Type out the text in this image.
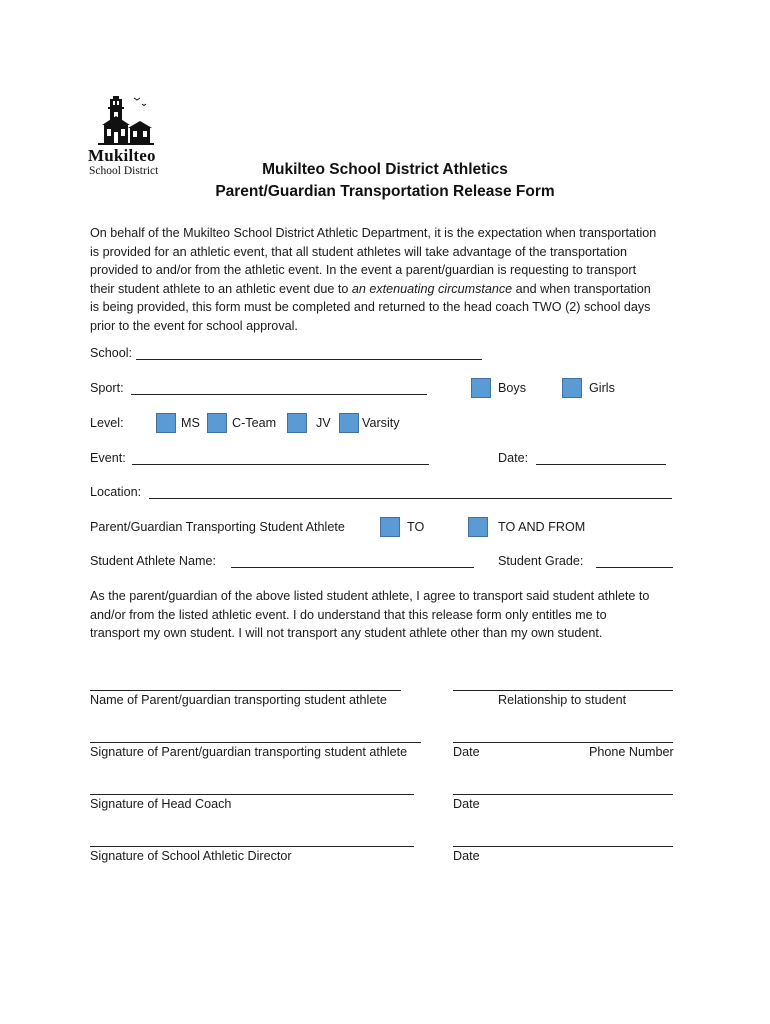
Mukilteo
School District	Mukilteo School District Athletics
Parent/Guardian Transportation Release Form
On behalf of the Mukilteo School District Athletic Department, it is the expectation when transportation
is provided for an athletic event, that all student athletes will take advantage of the transportation
provided to and/or from the athletic event. In the event a parent/guardian is requesting to transport
their student athlete to an athletic event due to an extenuating circumstance and when transportation
is being provided, this form must be completed and returned to the head coach TWO (2) school days
prior to the event for school approval.
School:
Sport:	Boys	Girls
Level:	MS	C-Team	JV Varsity
Event:	Date:
Location:
Parent/Guardian Transporting Student Athlete	TO	TO AND FROM
Student Athlete Name:	Student Grade:
As the parent/guardian of the above listed student athlete, I agree to transport said student athlete to
and/or from the listed athletic event. I do understand that this release form only entitles me to
transport my own student. I will not transport any student athlete other than my own student.
Name of Parent/guardian transporting student athlete	Relationship to student
Signature of Parent/guardian transporting student athlete	Date	Phone Number
Signature of Head Coach	Date
Signature of School Athletic Director	Date
